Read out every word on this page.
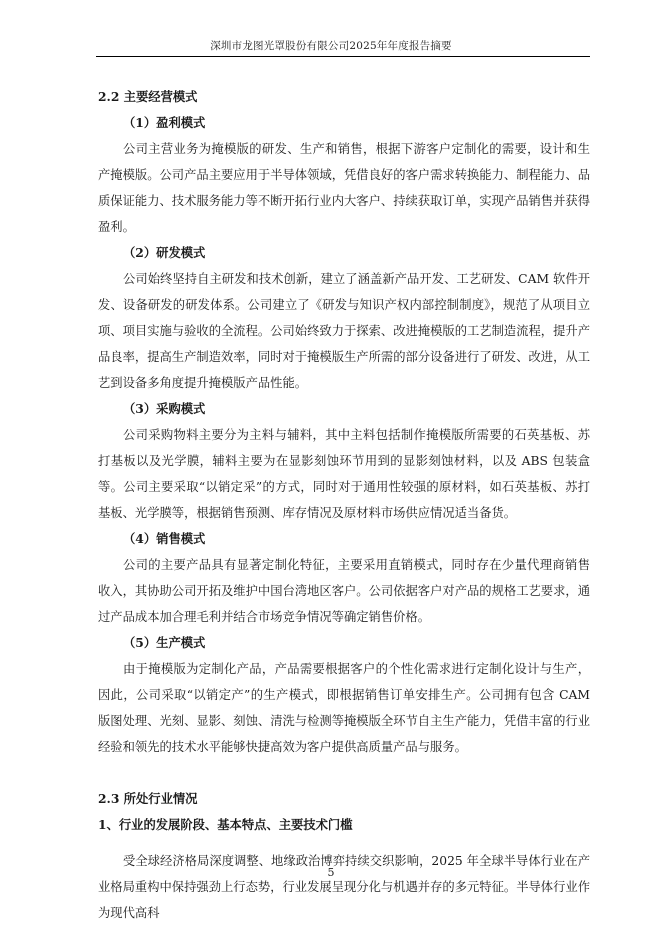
深圳市龙图光罩股份有限公司2025年年度报告摘要
2.2 主要经营模式
（1）盈利模式

公司主营业务为掩模版的研发、生产和销售，根据下游客户定制化的需要，设计和生产掩模版。公司产品主要应用于半导体领域，凭借良好的客户需求转换能力、制程能力、品质保证能力、技术服务能力等不断开拓行业内大客户、持续获取订单，实现产品销售并获得盈利。

（2）研发模式

公司始终坚持自主研发和技术创新，建立了涵盖新产品开发、工艺研发、CAM 软件开发、设备研发的研发体系。公司建立了《研发与知识产权内部控制制度》，规范了从项目立项、项目实施与验收的全流程。公司始终致力于探索、改进掩模版的工艺制造流程，提升产品良率，提高生产制造效率，同时对于掩模版生产所需的部分设备进行了研发、改进，从工艺到设备多角度提升掩模版产品性能。

（3）采购模式

公司采购物料主要分为主料与辅料，其中主料包括制作掩模版所需要的石英基板、苏打基板以及光学膜，辅料主要为在显影刻蚀环节用到的显影刻蚀材料，以及 ABS 包装盒等。公司主要采取“以销定采”的方式，同时对于通用性较强的原材料，如石英基板、苏打基板、光学膜等，根据销售预测、库存情况及原材料市场供应情况适当备货。

（4）销售模式

公司的主要产品具有显著定制化特征，主要采用直销模式，同时存在少量代理商销售收入，其协助公司开拓及维护中国台湾地区客户。公司依据客户对产品的规格工艺要求，通过产品成本加合理毛利并结合市场竞争情况等确定销售价格。

（5）生产模式

由于掩模版为定制化产品，产品需要根据客户的个性化需求进行定制化设计与生产，因此，公司采取“以销定产”的生产模式，即根据销售订单安排生产。公司拥有包含 CAM 版图处理、光刻、显影、刻蚀、清洗与检测等掩模版全环节自主生产能力，凭借丰富的行业经验和领先的技术水平能够快捷高效为客户提供高质量产品与服务。

2.3 所处行业情况
1、行业的发展阶段、基本特点、主要技术门槛

受全球经济格局深度调整、地缘政治博弈持续交织影响，2025 年全球半导体行业在产业格局重构中保持强劲上行态势，行业发展呈现分化与机遇并存的多元特征。半导体行业作为现代高科

5
